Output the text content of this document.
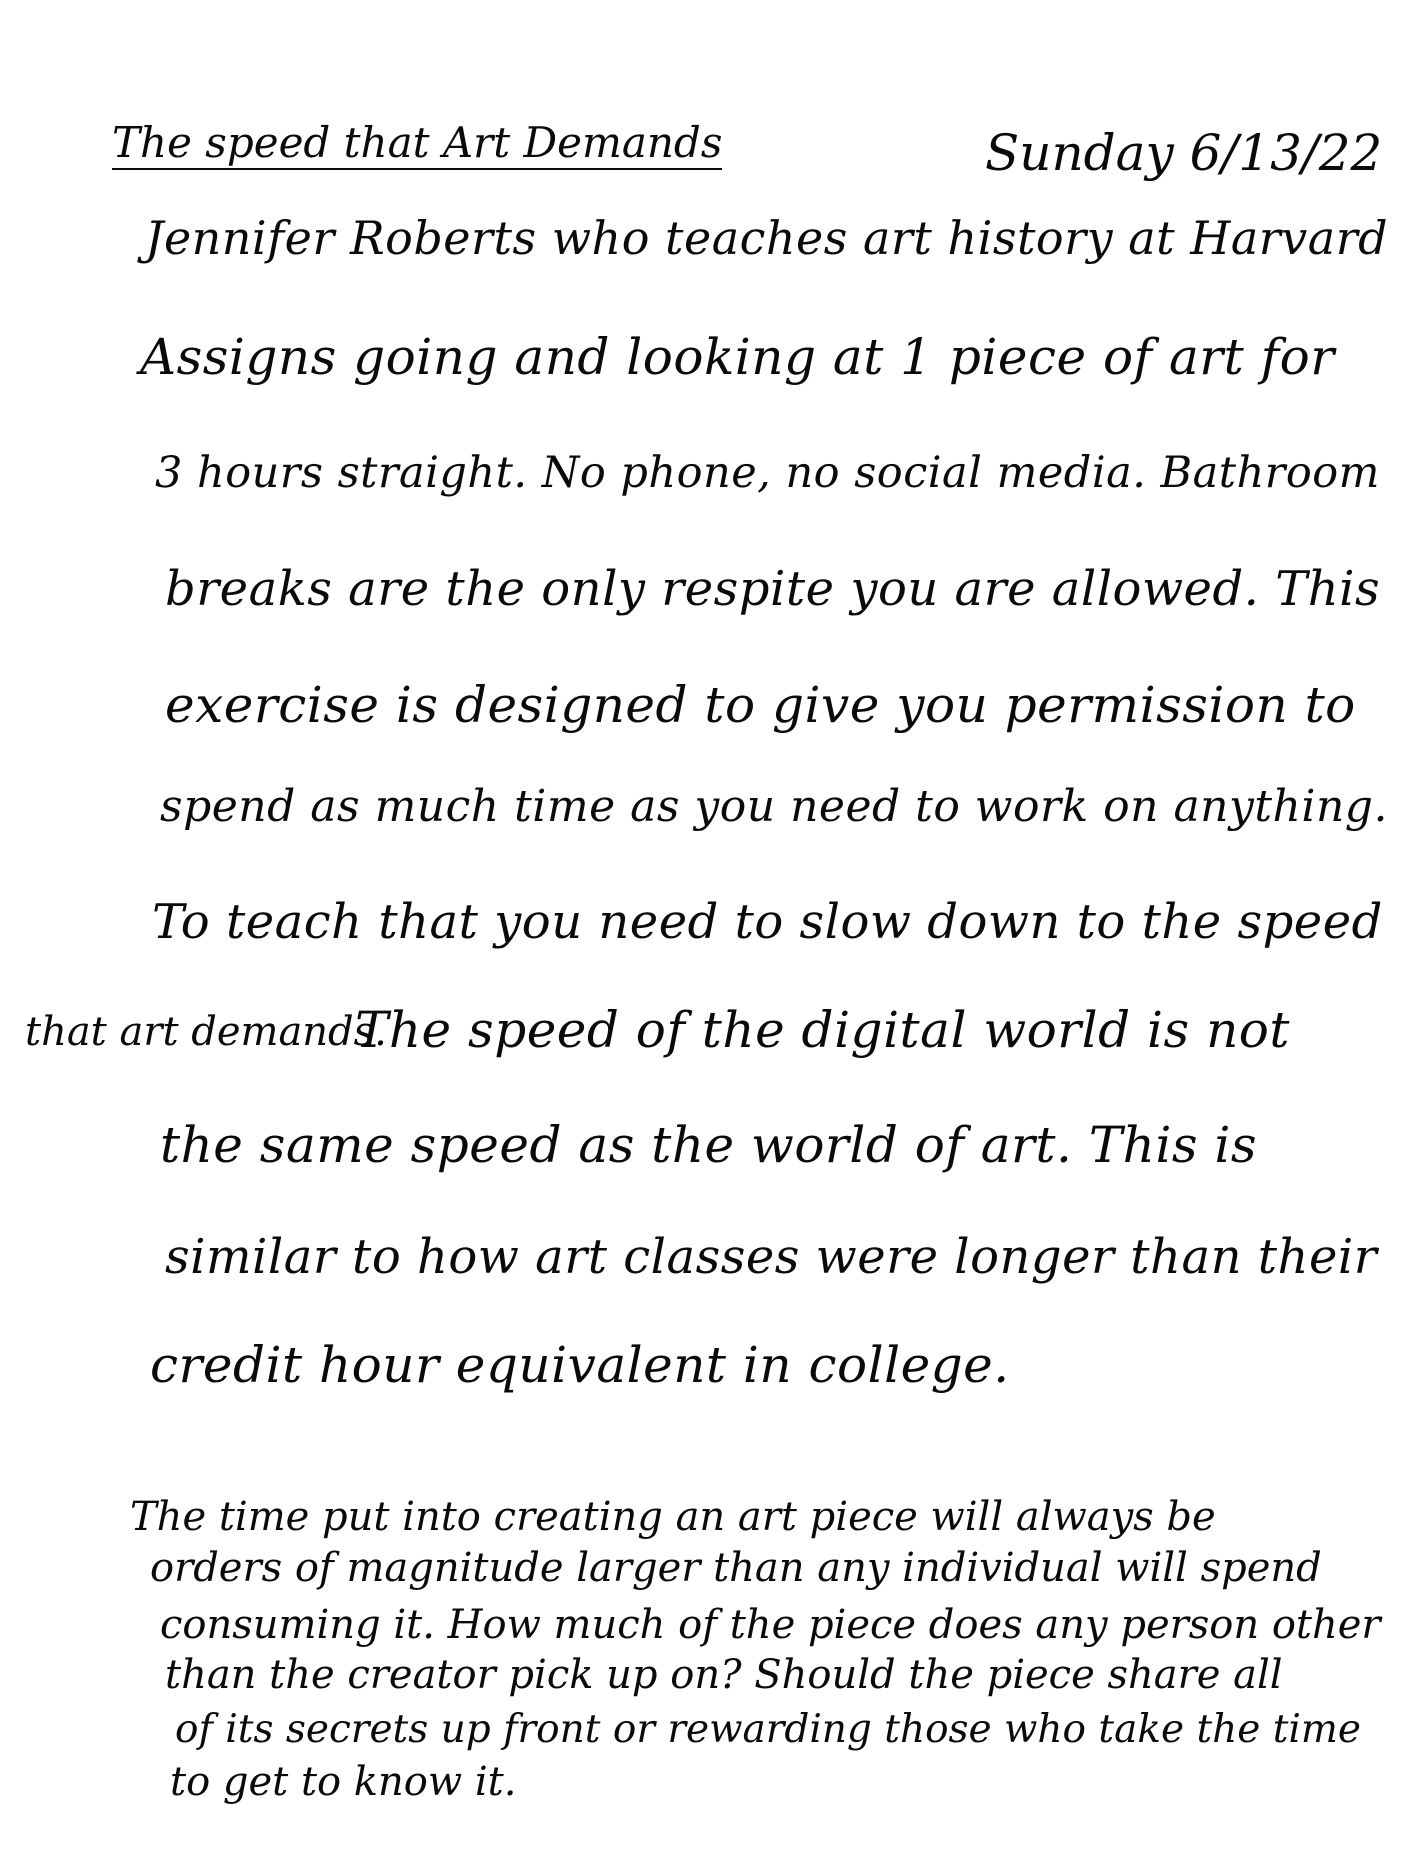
The speed that Art Demands	Sunday 6/13/22
Jennifer Roberts who teaches art history at Harvard
Assigns going and looking at 1 piece of art for
3 hours straight. No phone, no social media. Bathroom
breaks are the only respite you are allowed. This
exercise is designed to give you permission to
spend as much time as you need to work on anything.
To teach that you need to slow down to the speed
that art demands.
The speed of the digital world is not
the same speed as the world of art. This is
similar to how art classes were longer than their
credit hour equivalent in college.
The time put into creating an art piece will always be
orders of magnitude larger than any individual will spend
consuming it. How much of the piece does any person other
than the creator pick up on? Should the piece share all
of its secrets up front or rewarding those who take the time
to get to know it.
